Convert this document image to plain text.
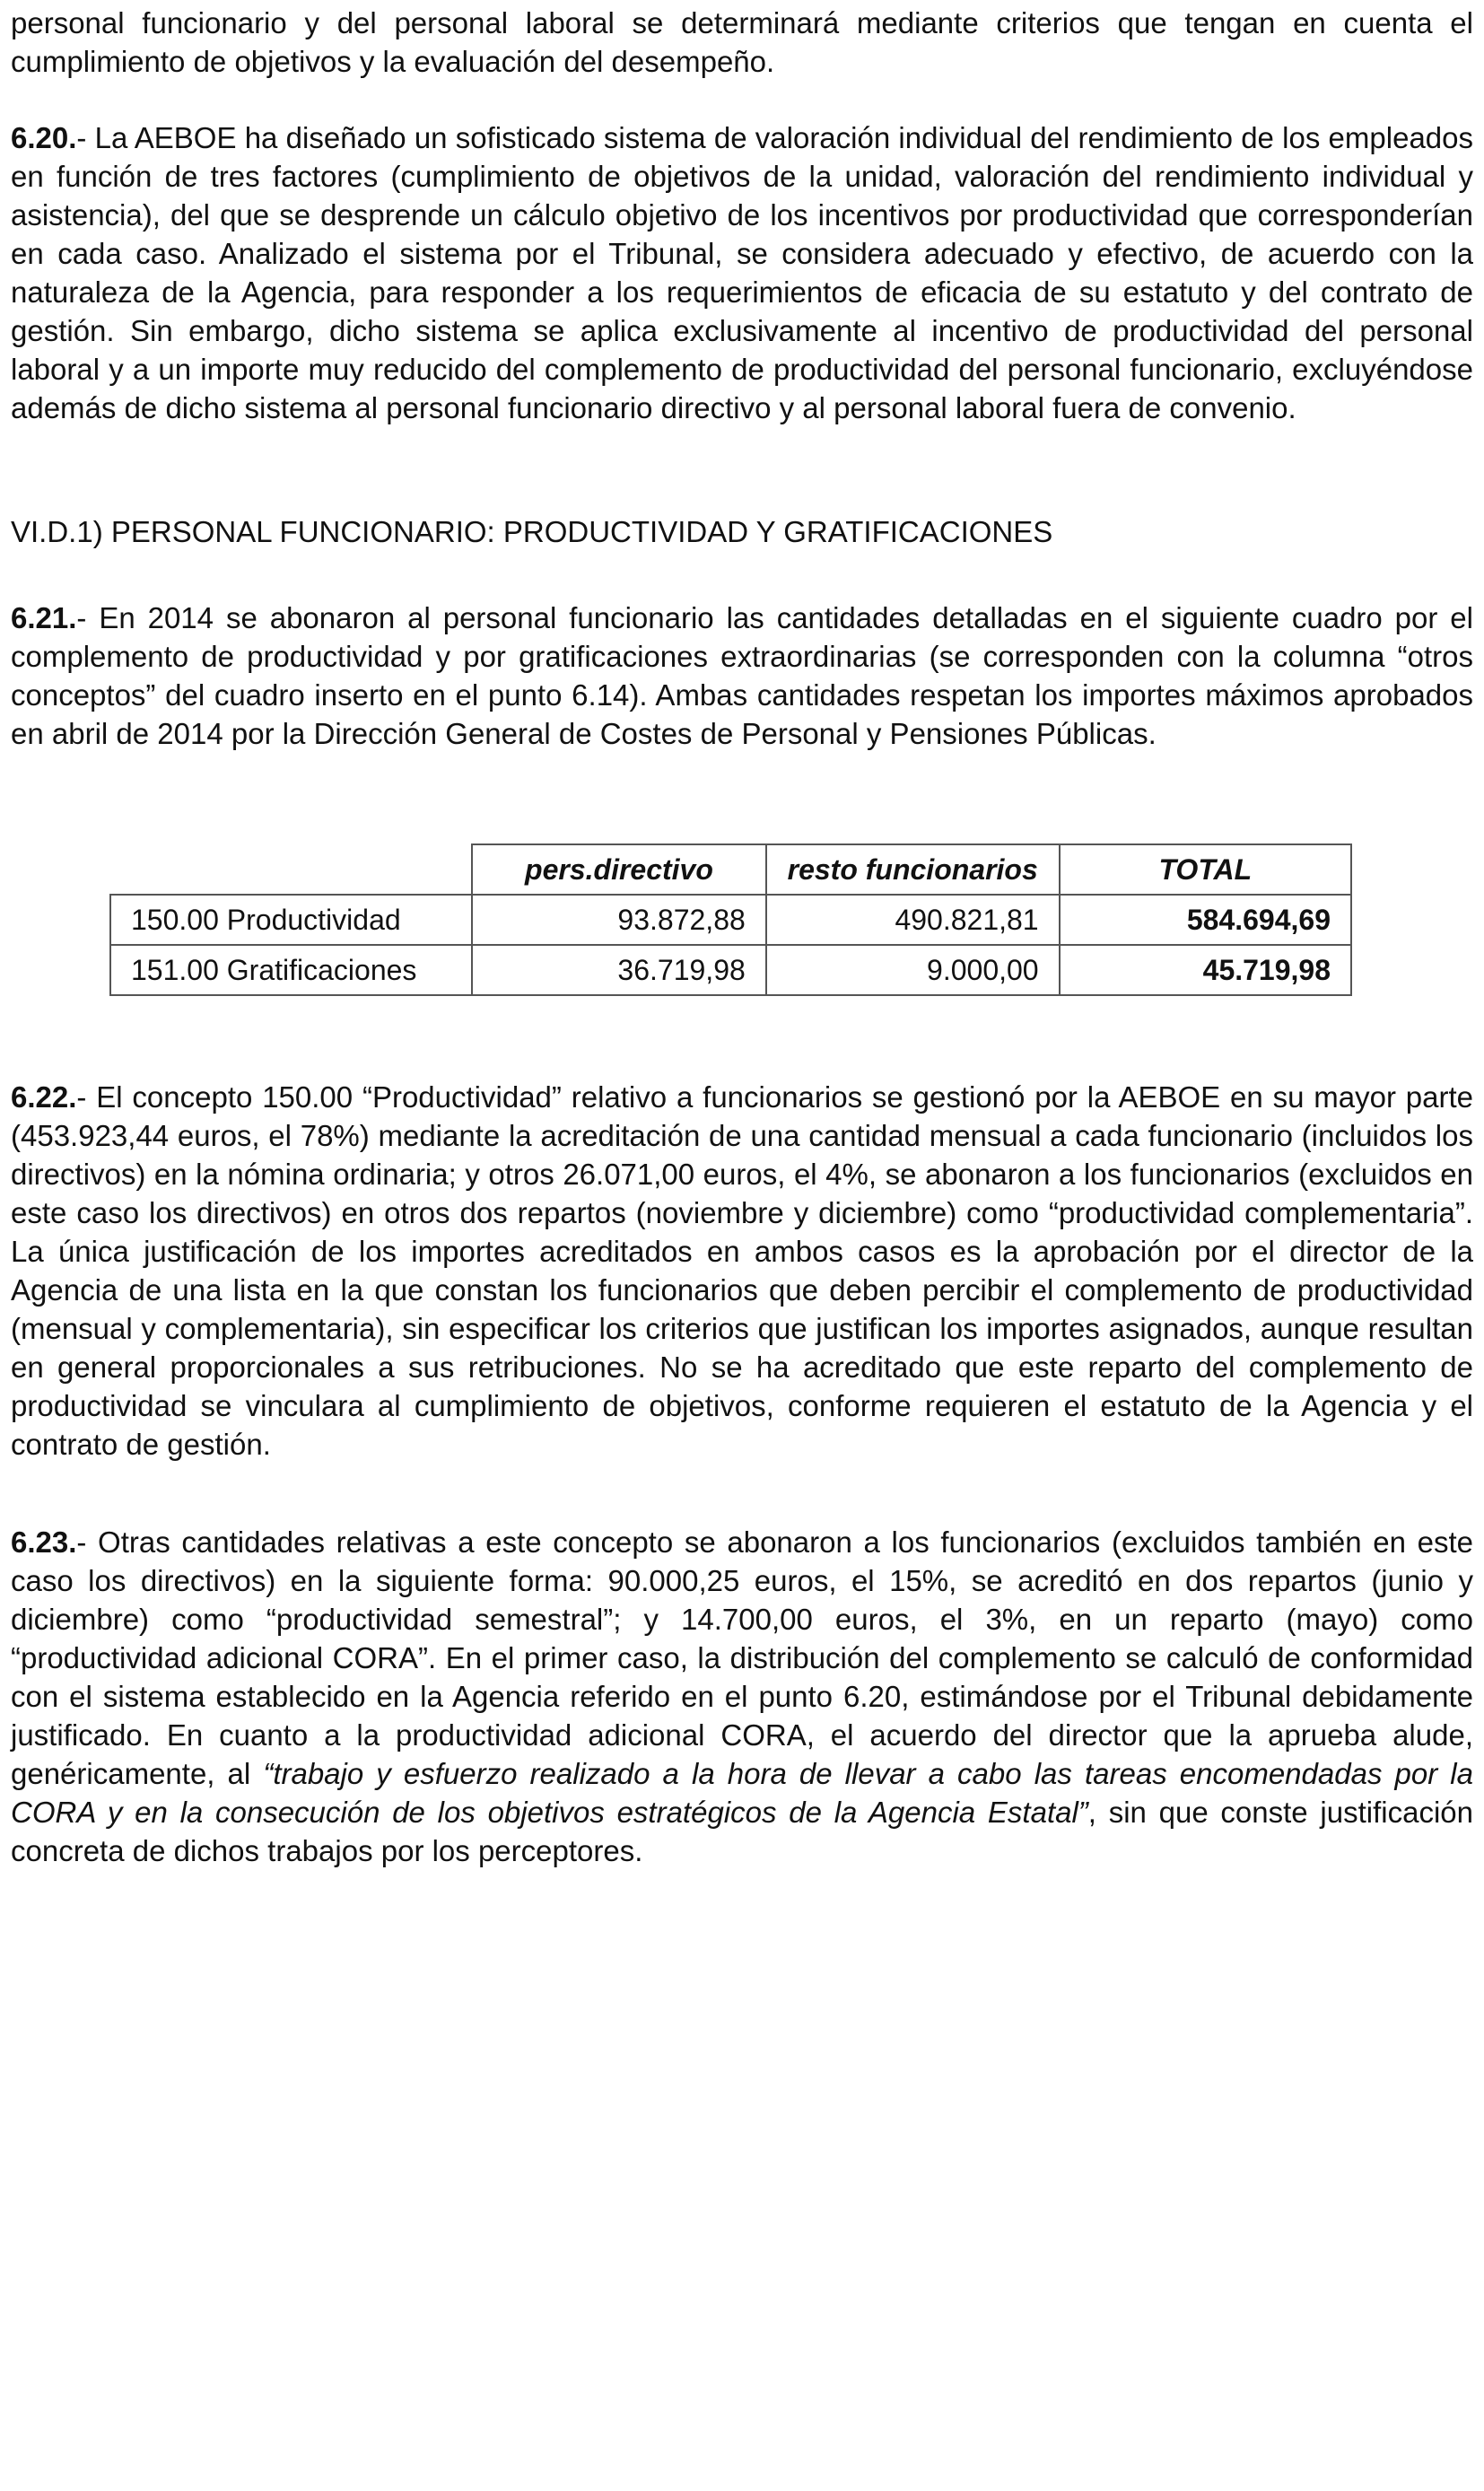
personal funcionario y del personal laboral se determinará mediante criterios que tengan en cuenta el cumplimiento de objetivos y la evaluación del desempeño.

6.20.- La AEBOE ha diseñado un sofisticado sistema de valoración individual del rendimiento de los empleados en función de tres factores (cumplimiento de objetivos de la unidad, valoración del rendimiento individual y asistencia), del que se desprende un cálculo objetivo de los incentivos por productividad que corresponderían en cada caso. Analizado el sistema por el Tribunal, se considera adecuado y efectivo, de acuerdo con la naturaleza de la Agencia, para responder a los requerimientos de eficacia de su estatuto y del contrato de gestión. Sin embargo, dicho sistema se aplica exclusivamente al incentivo de productividad del personal laboral y a un importe muy reducido del complemento de productividad del personal funcionario, excluyéndose además de dicho sistema al personal funcionario directivo y al personal laboral fuera de convenio.

VI.D.1) PERSONAL FUNCIONARIO: PRODUCTIVIDAD Y GRATIFICACIONES

6.21.- En 2014 se abonaron al personal funcionario las cantidades detalladas en el siguiente cuadro por el complemento de productividad y por gratificaciones extraordinarias (se corresponden con la columna “otros conceptos” del cuadro inserto en el punto 6.14). Ambas cantidades respetan los importes máximos aprobados en abril de 2014 por la Dirección General de Costes de Personal y Pensiones Públicas.

	pers.directivo	resto funcionarios	TOTAL
150.00 Productividad	93.872,88	490.821,81	584.694,69
151.00 Gratificaciones	36.719,98	9.000,00	45.719,98

6.22.- El concepto 150.00 “Productividad” relativo a funcionarios se gestionó por la AEBOE en su mayor parte (453.923,44 euros, el 78%) mediante la acreditación de una cantidad mensual a cada funcionario (incluidos los directivos) en la nómina ordinaria; y otros 26.071,00 euros, el 4%, se abonaron a los funcionarios (excluidos en este caso los directivos) en otros dos repartos (noviembre y diciembre) como “productividad complementaria”. La única justificación de los importes acreditados en ambos casos es la aprobación por el director de la Agencia de una lista en la que constan los funcionarios que deben percibir el complemento de productividad (mensual y complementaria), sin especificar los criterios que justifican los importes asignados, aunque resultan en general proporcionales a sus retribuciones. No se ha acreditado que este reparto del complemento de productividad se vinculara al cumplimiento de objetivos, conforme requieren el estatuto de la Agencia y el contrato de gestión.

6.23.- Otras cantidades relativas a este concepto se abonaron a los funcionarios (excluidos también en este caso los directivos) en la siguiente forma: 90.000,25 euros, el 15%, se acreditó en dos repartos (junio y diciembre) como “productividad semestral”; y 14.700,00 euros, el 3%, en un reparto (mayo) como “productividad adicional CORA”. En el primer caso, la distribución del complemento se calculó de conformidad con el sistema establecido en la Agencia referido en el punto 6.20, estimándose por el Tribunal debidamente justificado. En cuanto a la productividad adicional CORA, el acuerdo del director que la aprueba alude, genéricamente, al “trabajo y esfuerzo realizado a la hora de llevar a cabo las tareas encomendadas por la CORA y en la consecución de los objetivos estratégicos de la Agencia Estatal”, sin que conste justificación concreta de dichos trabajos por los perceptores.
